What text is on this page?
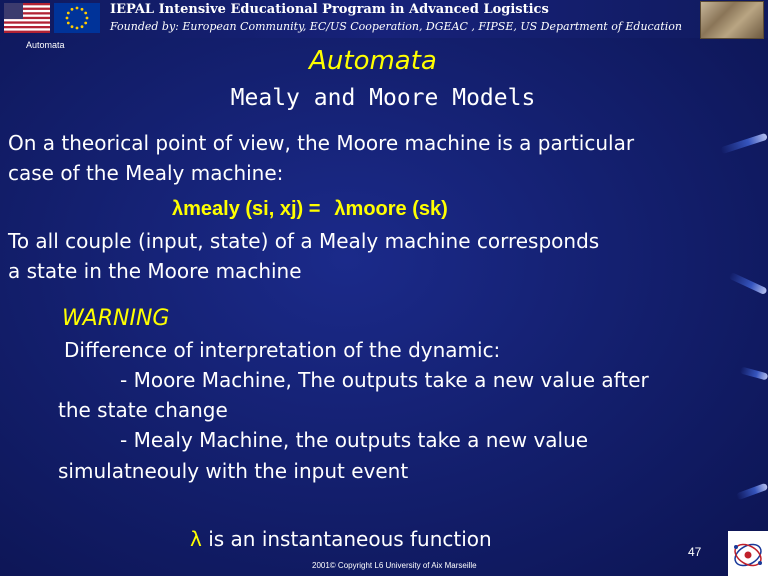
IEPAL Intensive Educational Program in Advanced Logistics
Founded by: European Community, EC/US Cooperation, DGEAC , FIPSE, US Department of Education
Automata
Automata
Mealy and Moore Models
On a theorical point of view, the Moore machine is a particular
case of the Mealy machine:
λmealy (si, xj) = λmoore (sk)
To all couple (input, state) of a Mealy machine corresponds
a state in the Moore machine
WARNING
Difference of interpretation of the dynamic:
- Moore Machine, The outputs take a new value after
the state change
- Mealy Machine, the outputs take a new value
simulatneouly with the input event
λ is an instantaneous function
47
2001© Copyright L6 University of Aix Marseille
